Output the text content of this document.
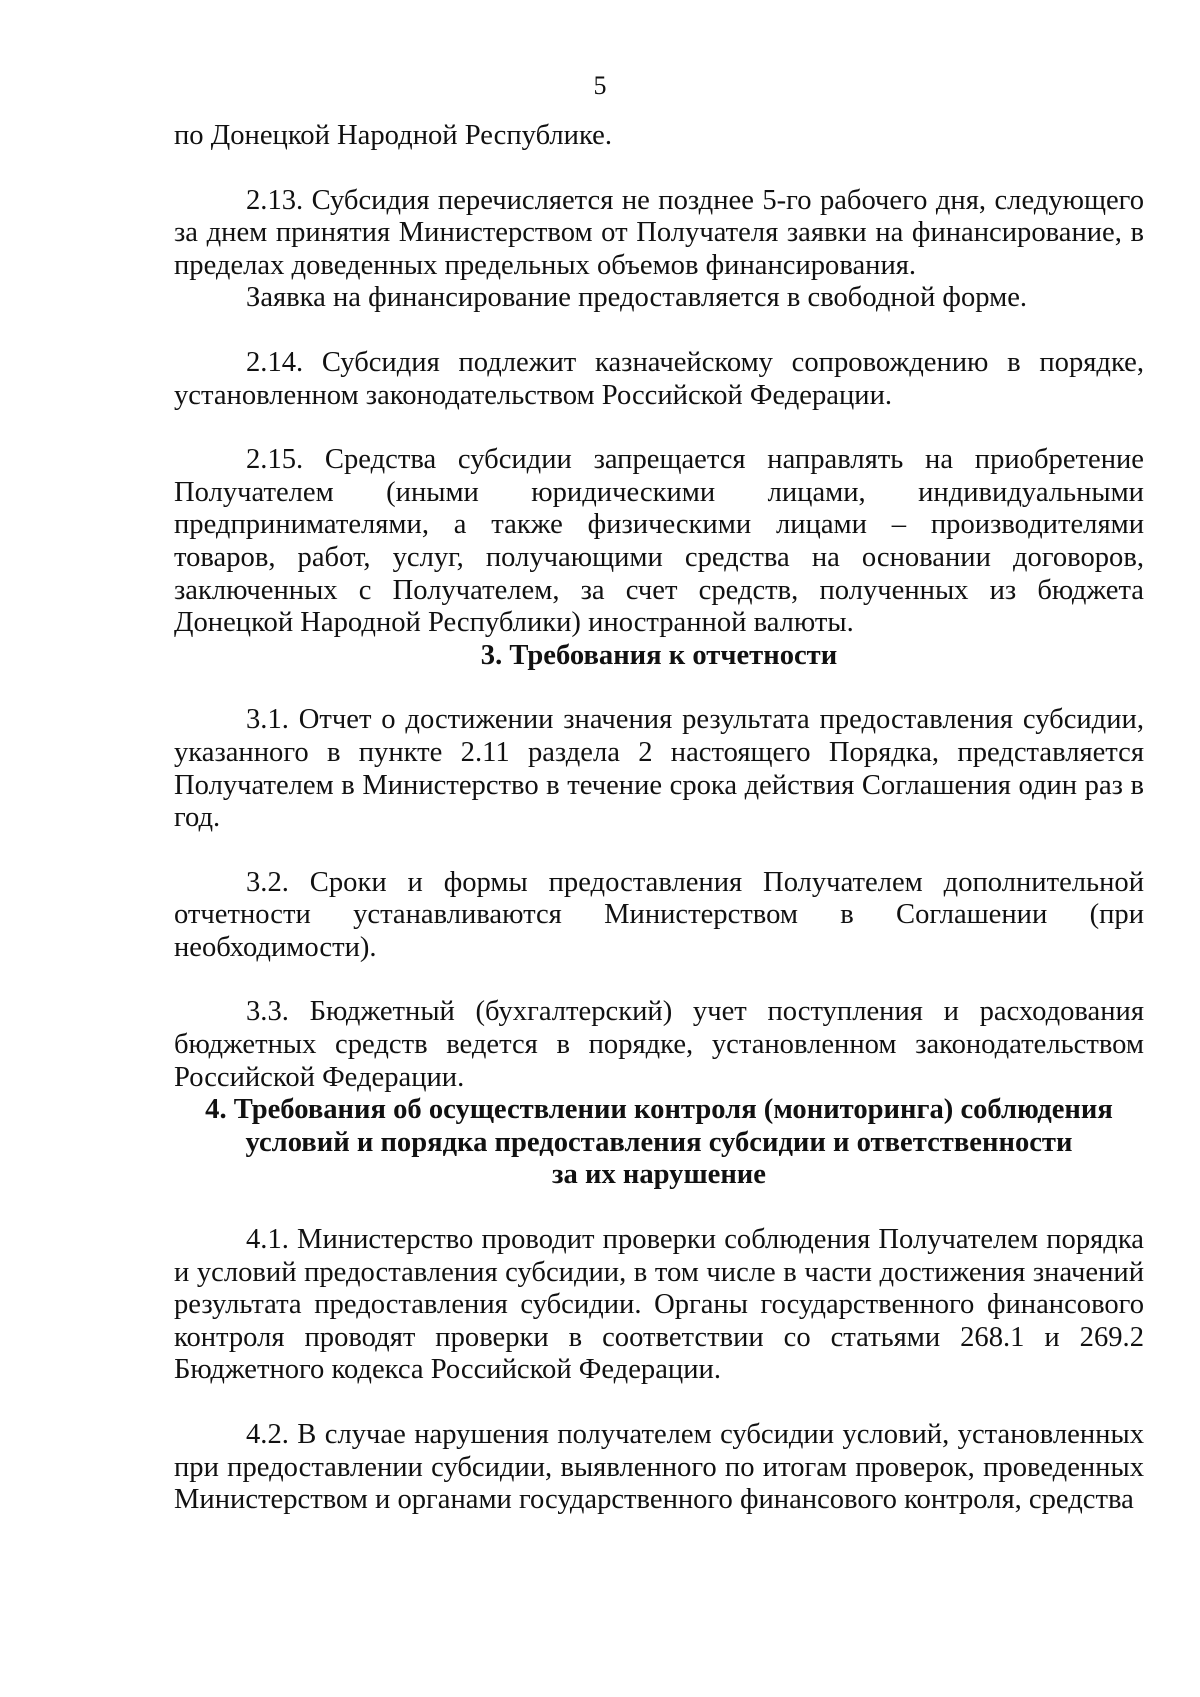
5

по Донецкой Народной Республике.

2.13. Субсидия перечисляется не позднее 5-го рабочего дня, следующего за днем принятия Министерством от Получателя заявки на финансирование, в пределах доведенных предельных объемов финансирования.

Заявка на финансирование предоставляется в свободной форме.

2.14. Субсидия подлежит казначейскому сопровождению в порядке, установленном законодательством Российской Федерации.

2.15. Средства субсидии запрещается направлять на приобретение Получателем (иными юридическими лицами, индивидуальными предпринимателями, а также физическими лицами – производителями товаров, работ, услуг, получающими средства на основании договоров, заключенных с Получателем, за счет средств, полученных из бюджета Донецкой Народной Республики) иностранной валюты.

3. Требования к отчетности

3.1. Отчет о достижении значения результата предоставления субсидии, указанного в пункте 2.11 раздела 2 настоящего Порядка, представляется Получателем в Министерство в течение срока действия Соглашения один раз в год.

3.2. Сроки и формы предоставления Получателем дополнительной отчетности устанавливаются Министерством в Соглашении (при необходимости).

3.3. Бюджетный (бухгалтерский) учет поступления и расходования бюджетных средств ведется в порядке, установленном законодательством Российской Федерации.

4. Требования об осуществлении контроля (мониторинга) соблюдения
условий и порядка предоставления субсидии и ответственности
за их нарушение

4.1. Министерство проводит проверки соблюдения Получателем порядка и условий предоставления субсидии, в том числе в части достижения значений результата предоставления субсидии. Органы государственного финансового контроля проводят проверки в соответствии со статьями 268.1 и 269.2 Бюджетного кодекса Российской Федерации.

4.2. В случае нарушения получателем субсидии условий, установленных при предоставлении субсидии, выявленного по итогам проверок, проведенных Министерством и органами государственного финансового контроля, средства
